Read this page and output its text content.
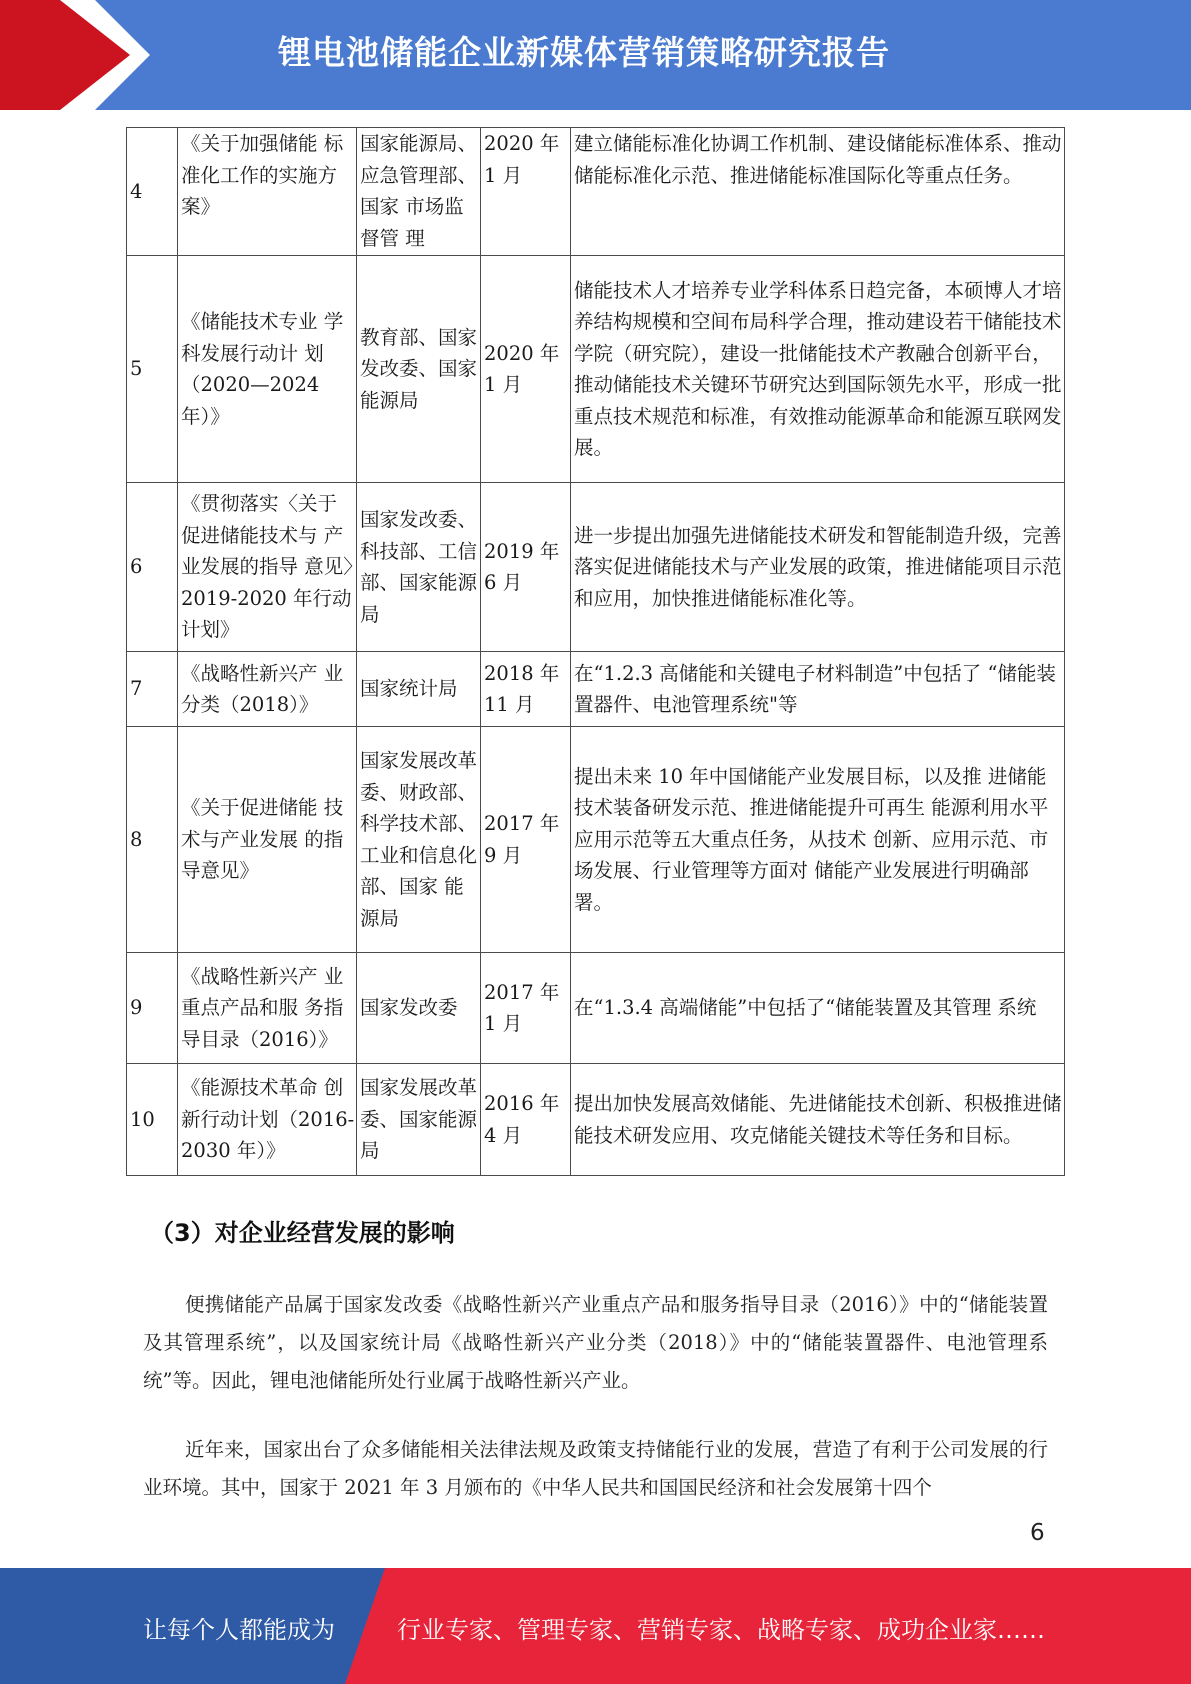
锂电池储能企业新媒体营销策略研究报告
4	《关于加强储能 标准化工作的实施方案》	国家能源局、应急管理部、国家 市场监督管 理	2020 年 1 月	建立储能标准化协调工作机制、建设储能标准体系、推动储能标准化示范、推进储能标准国际化等重点任务。
5	《储能技术专业 学科发展行动计 划（2020—2024 年）》	教育部、国家发改委、国家能源局	2020 年 1 月	储能技术人才培养专业学科体系日趋完备，本硕博人才培养结构规模和空间布局科学合理，推动建设若干储能技术学院（研究院），建设一批储能技术产教融合创新平台，推动储能技术关键环节研究达到国际领先水平，形成一批重点技术规范和标准，有效推动能源革命和能源互联网发展。
6	《贯彻落实〈关于促进储能技术与 产业发展的指导 意见〉2019-2020 年行动计划》	国家发改委、科技部、工信部、国家能源局	2019 年 6 月	进一步提出加强先进储能技术研发和智能制造升级，完善落实促进储能技术与产业发展的政策，推进储能项目示范和应用，加快推进储能标准化等。
7	《战略性新兴产 业分类（2018）》	国家统计局	2018 年 11 月	在“1.2.3 高储能和关键电子材料制造”中包括了 “储能装置器件、电池管理系统"等
8	《关于促进储能 技术与产业发展 的指导意见》	国家发展改革委、财政部、科学技术部、工业和信息化部、国家 能源局	2017 年 9 月	提出未来 10 年中国储能产业发展目标，以及推 进储能技术装备研发示范、推进储能提升可再生 能源利用水平应用示范等五大重点任务，从技术 创新、应用示范、市场发展、行业管理等方面对 储能产业发展进行明确部署。
9	《战略性新兴产 业重点产品和服 务指导目录（2016）》	国家发改委	2017 年 1 月	在“1.3.4 高端储能”中包括了“储能装置及其管理 系统
10	《能源技术革命 创新行动计划（2016-2030 年）》	国家发展改革委、国家能源局	2016 年 4 月	提出加快发展高效储能、先进储能技术创新、积极推进储能技术研发应用、攻克储能关键技术等任务和目标。
（3）对企业经营发展的影响

便携储能产品属于国家发改委《战略性新兴产业重点产品和服务指导目录（2016）》中的“储能装置及其管理系统”，以及国家统计局《战略性新兴产业分类（2018）》中的“储能装置器件、电池管理系统”等。因此，锂电池储能所处行业属于战略性新兴产业。

近年来，国家出台了众多储能相关法律法规及政策支持储能行业的发展，营造了有利于公司发展的行业环境。其中，国家于 2021 年 3 月颁布的《中华人民共和国国民经济和社会发展第十四个

6
让每个人都能成为	行业专家、管理专家、营销专家、战略专家、成功企业家……
